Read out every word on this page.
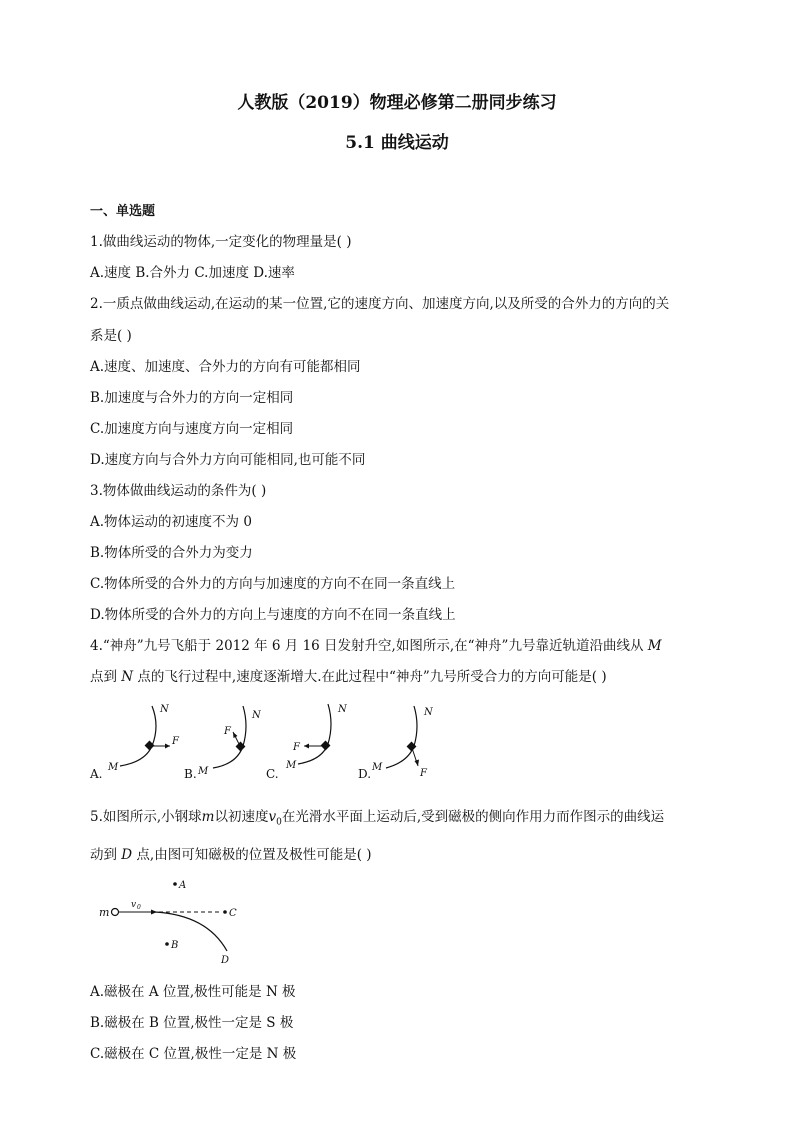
人教版（2019）物理必修第二册同步练习
5.1 曲线运动
一、单选题
1.做曲线运动的物体,一定变化的物理量是( )
A.速度 B.合外力 C.加速度 D.速率
2.一质点做曲线运动,在运动的某一位置,它的速度方向、加速度方向,以及所受的合外力的方向的关
系是( )
A.速度、加速度、合外力的方向有可能都相同
B.加速度与合外力的方向一定相同
C.加速度方向与速度方向一定相同
D.速度方向与合外力方向可能相同,也可能不同
3.物体做曲线运动的条件为( )
A.物体运动的初速度不为 0
B.物体所受的合外力为变力
C.物体所受的合外力的方向与加速度的方向不在同一条直线上
D.物体所受的合外力的方向上与速度的方向不在同一条直线上
4.“神舟”九号飞船于 2012 年 6 月 16 日发射升空,如图所示,在“神舟”九号靠近轨道沿曲线从 M
点到 N 点的飞行过程中,速度逐渐增大.在此过程中“神舟”九号所受合力的方向可能是( )
A.	B.	C.	D.
N
M
F
N
M
F
N
M
F
N
M
F
5.如图所示,小钢球m以初速度$v_0$在光滑水平面上运动后,受到磁极的侧向作用力而作图示的曲线运
动到 D 点,由图可知磁极的位置及极性可能是( )
m
v 0
A
C
B
D
A.磁极在 A 位置,极性可能是 N 极
B.磁极在 B 位置,极性一定是 S 极
C.磁极在 C 位置,极性一定是 N 极
